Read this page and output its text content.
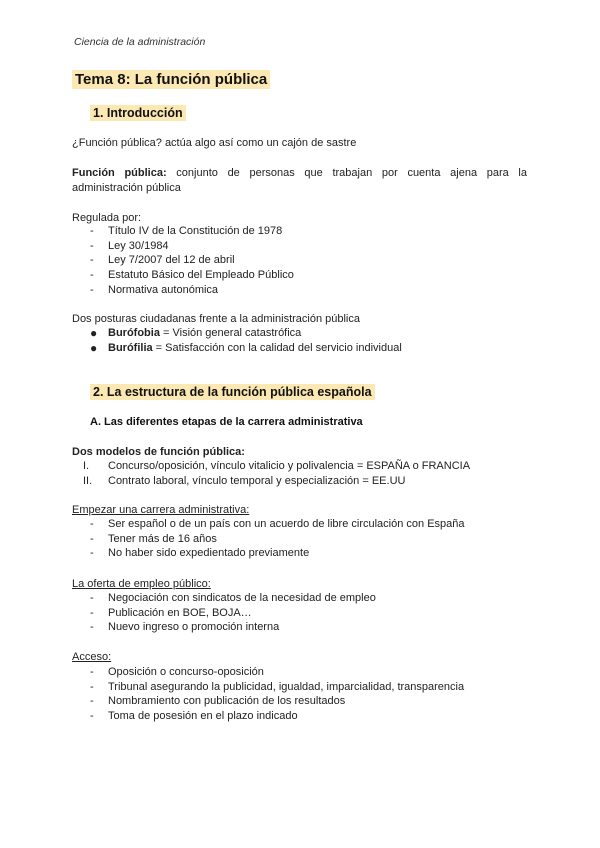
Ciencia de la administración
Tema 8: La función pública
1. Introducción
¿Función pública? actúa algo así como un cajón de sastre
Función pública: conjunto de personas que trabajan por cuenta ajena para la administración pública
Regulada por:
- Título IV de la Constitución de 1978
- Ley 30/1984
- Ley 7/2007 del 12 de abril
- Estatuto Básico del Empleado Público
- Normativa autonómica
Dos posturas ciudadanas frente a la administración pública
● Burófobia = Visión general catastrófica
● Burófilia = Satisfacción con la calidad del servicio individual
2. La estructura de la función pública española
A. Las diferentes etapas de la carrera administrativa
Dos modelos de función pública:
I. Concurso/oposición, vínculo vitalicio y polivalencia = ESPAÑA o FRANCIA
II. Contrato laboral, vínculo temporal y especialización = EE.UU
Empezar una carrera administrativa:
- Ser español o de un país con un acuerdo de libre circulación con España
- Tener más de 16 años
- No haber sido expedientado previamente
La oferta de empleo público:
- Negociación con sindicatos de la necesidad de empleo
- Publicación en BOE, BOJA…
- Nuevo ingreso o promoción interna
Acceso:
- Oposición o concurso-oposición
- Tribunal asegurando la publicidad, igualdad, imparcialidad, transparencia
- Nombramiento con publicación de los resultados
- Toma de posesión en el plazo indicado
